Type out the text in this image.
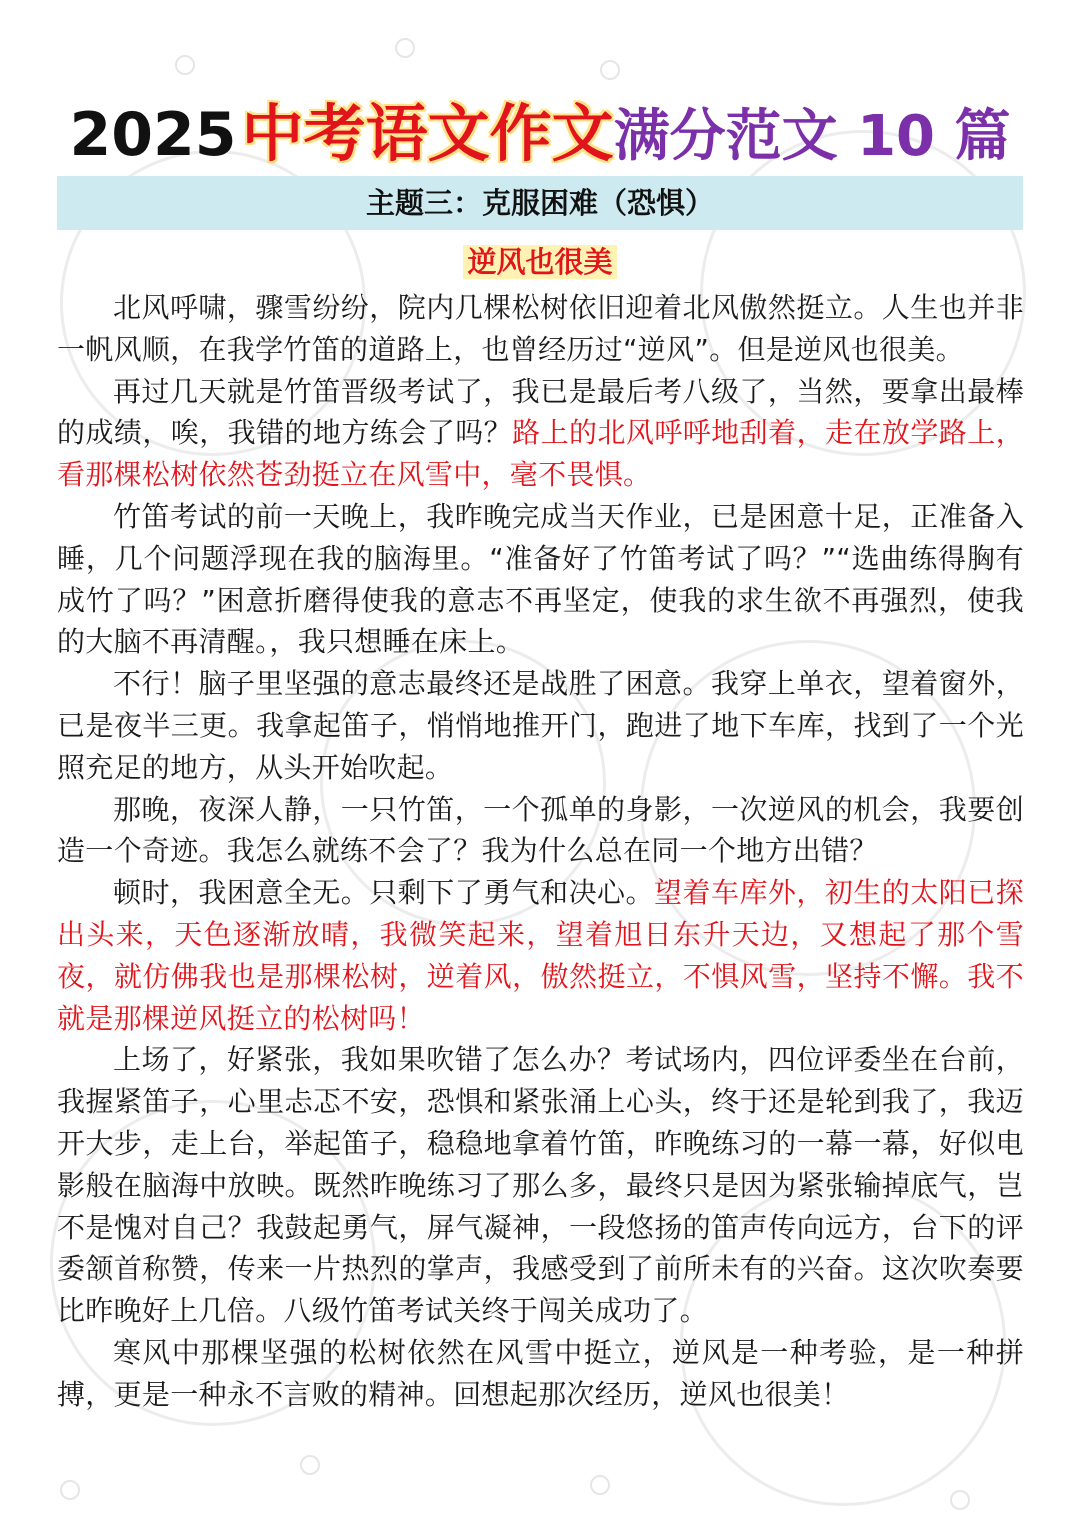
2025 中考语文作文满分范文 10 篇
主题三：克服困难（恐惧）
逆风也很美

北风呼啸，骤雪纷纷，院内几棵松树依旧迎着北风傲然挺立。人生也并非一帆风顺，在我学竹笛的道路上，也曾经历过“逆风”。但是逆风也很美。

再过几天就是竹笛晋级考试了，我已是最后考八级了，当然，要拿出最棒的成绩，唉，我错的地方练会了吗？路上的北风呼呼地刮着，走在放学路上，看那棵松树依然苍劲挺立在风雪中，毫不畏惧。

竹笛考试的前一天晚上，我昨晚完成当天作业，已是困意十足，正准备入睡，几个问题浮现在我的脑海里。“准备好了竹笛考试了吗？”“选曲练得胸有成竹了吗？”困意折磨得使我的意志不再坚定，使我的求生欲不再强烈，使我的大脑不再清醒。，我只想睡在床上。

不行！脑子里坚强的意志最终还是战胜了困意。我穿上单衣，望着窗外，已是夜半三更。我拿起笛子，悄悄地推开门，跑进了地下车库，找到了一个光照充足的地方，从头开始吹起。

那晚，夜深人静，一只竹笛，一个孤单的身影，一次逆风的机会，我要创造一个奇迹。我怎么就练不会了？我为什么总在同一个地方出错？

顿时，我困意全无。只剩下了勇气和决心。望着车库外，初生的太阳已探出头来，天色逐渐放晴，我微笑起来，望着旭日东升天边，又想起了那个雪夜，就仿佛我也是那棵松树，逆着风，傲然挺立，不惧风雪，坚持不懈。我不就是那棵逆风挺立的松树吗！

上场了，好紧张，我如果吹错了怎么办？考试场内，四位评委坐在台前，我握紧笛子，心里忐忑不安，恐惧和紧张涌上心头，终于还是轮到我了，我迈开大步，走上台，举起笛子，稳稳地拿着竹笛，昨晚练习的一幕一幕，好似电影般在脑海中放映。既然昨晚练习了那么多，最终只是因为紧张输掉底气，岂不是愧对自己？我鼓起勇气，屏气凝神，一段悠扬的笛声传向远方，台下的评委颔首称赞，传来一片热烈的掌声，我感受到了前所未有的兴奋。这次吹奏要比昨晚好上几倍。八级竹笛考试关终于闯关成功了。

寒风中那棵坚强的松树依然在风雪中挺立，逆风是一种考验，是一种拼搏，更是一种永不言败的精神。回想起那次经历，逆风也很美！
